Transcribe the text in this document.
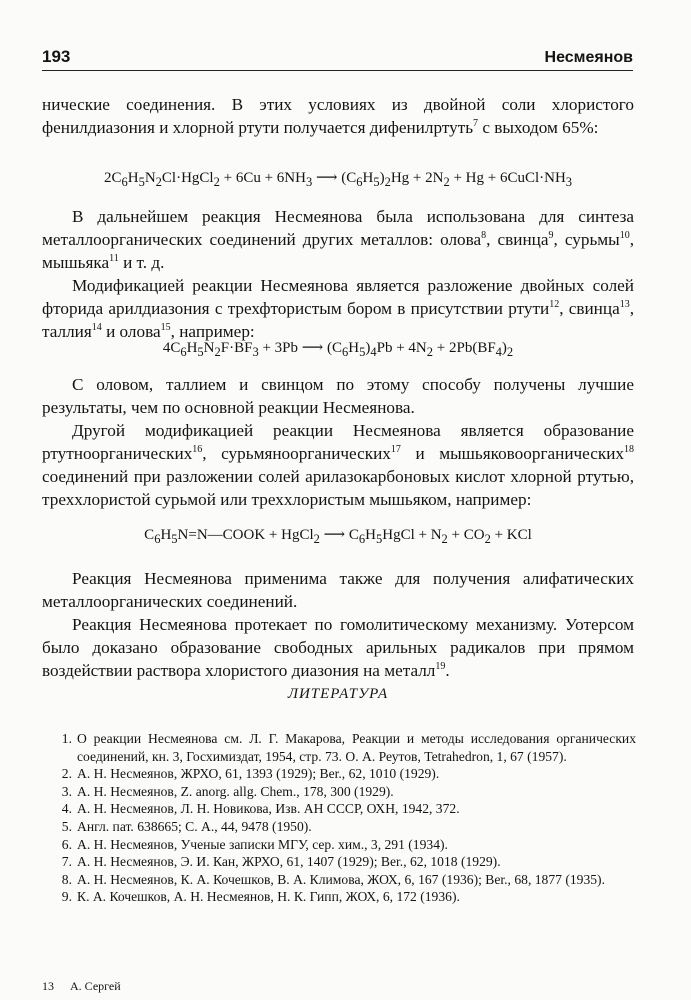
193	Несмеянов

нические соединения. В этих условиях из двойной соли хлористого фенилдиазония и хлорной ртути получается дифенилртуть$^7$ с выходом 65%:

$2C_6H_5N_2Cl\cdot HgCl_2 + 6Cu + 6NH_3$ ⟶ $(C_6H_5)_2Hg + 2N_2 + Hg$ + $6CuCl\cdot NH_3$

В дальнейшем реакция Несмеянова была использована для синтеза металлоорганических соединений других металлов: олова$^8$, свинца$^9$, сурьмы$^{10}$, мышьяка$^{11}$ и т. д.

Модификацией реакции Несмеянова является разложение двойных солей фторида арилдиазония с трехфтористым бором в присутствии ртути$^{12}$, свинца$^{13}$, таллия$^{14}$ и олова$^{15}$, например:

$4C_6H_5N_2F\cdot BF_3 + 3Pb$ ⟶ $(C_6H_5)_4Pb + 4N_2 + 2Pb(BF_4)_2$

С оловом, таллием и свинцом по этому способу получены лучшие результаты, чем по основной реакции Несмеянова.

Другой модификацией реакции Несмеянова является образование ртутноорганических$^{16}$, сурьмяноорганических$^{17}$ и мышьяковоорганических$^{18}$ соединений при разложении солей арилазокарбоновых кислот хлорной ртутью, треххлористой сурьмой или треххлористым мышьяком, например:

$C_6H_5N=N—COOK$ + HgCl$_2$ ⟶ $C_6H_5HgCl + N_2 + CO_2$ + KCl

Реакция Несмеянова применима также для получения алифатических металлоорганических соединений.

Реакция Несмеянова протекает по гомолитическому механизму. Уотерсом было доказано образование свободных арильных радикалов при прямом воздействии раствора хлористого диазония на металл$^{19}$.

ЛИТЕРАТУРА
1. О реакции Несмеянова см. Л. Г. Макарова, Реакции и методы исследования органических соединений, кн. 3, Госхимиздат, 1954, стр. 73. О. А. Реутов, Tetrahedron, 1, 67 (1957).
2. А. Н. Несмеянов, ЖРХО, 61, 1393 (1929); Ber., 62, 1010 (1929).
3. А. Н. Несмеянов, Z. anorg. allg. Chem., 178, 300 (1929).
4. А. Н. Несмеянов, Л. Н. Новикова, Изв. АН СССР, ОХН, 1942, 372.
5. Англ. пат. 638665; С. А., 44, 9478 (1950).
6. А. Н. Несмеянов, Ученые записки МГУ, сер. хим., 3, 291 (1934).
7. А. Н. Несмеянов, Э. И. Кан, ЖРХО, 61, 1407 (1929); Ber., 62, 1018 (1929).
8. А. Н. Несмеянов, К. А. Кочешков, В. А. Климова, ЖОХ, 6, 167 (1936); Ber., 68, 1877 (1935).
9. К. А. Кочешков, А. Н. Несмеянов, Н. К. Гипп, ЖОХ, 6, 172 (1936).
13 А. Сергей
